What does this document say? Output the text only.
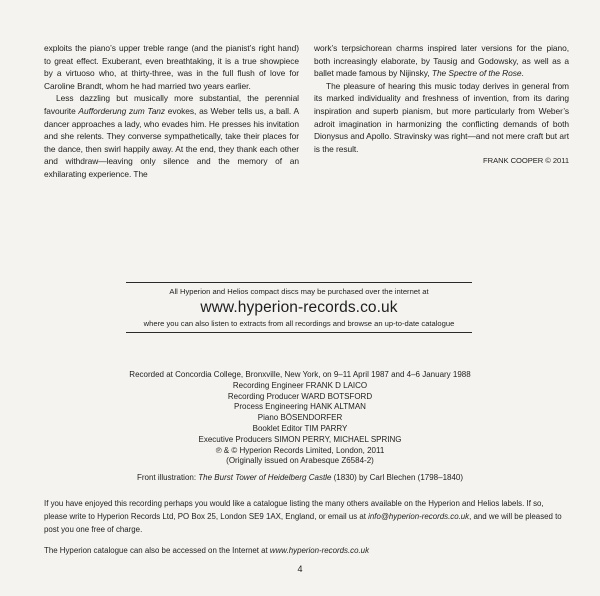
exploits the piano’s upper treble range (and the pianist’s right hand) to great effect. Exuberant, even breathtaking, it is a true showpiece by a virtuoso who, at thirty-three, was in the full flush of love for Caroline Brandt, whom he had married two years earlier.

Less dazzling but musically more substantial, the perennial favourite Aufforderung zum Tanz evokes, as Weber tells us, a ball. A dancer approaches a lady, who evades him. He presses his invitation and she relents. They converse sympathetically, take their places for the dance, then swirl happily away. At the end, they thank each other and withdraw—leaving only silence and the memory of an exhilarating experience. The

work’s terpsichorean charms inspired later versions for the piano, both increasingly elaborate, by Tausig and Godowsky, as well as a ballet made famous by Nijinsky, The Spectre of the Rose.

The pleasure of hearing this music today derives in general from its marked individuality and freshness of invention, from its daring inspiration and superb pianism, but more particularly from Weber’s adroit imagination in harmonizing the conflicting demands of both Dionysus and Apollo. Stravinsky was right—and not mere craft but art is the result.

FRANK COOPER © 2011

All Hyperion and Helios compact discs may be purchased over the internet at
www.hyperion-records.co.uk
where you can also listen to extracts from all recordings and browse an up-to-date catalogue
Recorded at Concordia College, Bronxville, New York, on 9–11 April 1987 and 4–6 January 1988
Recording Engineer FRANK D LAICO
Recording Producer WARD BOTSFORD
Process Engineering HANK ALTMAN
Piano BÖSENDORFER
Booklet Editor TIM PARRY
Executive Producers SIMON PERRY, MICHAEL SPRING
℗ & © Hyperion Records Limited, London, 2011
(Originally issued on Arabesque Z6584-2)
Front illustration: The Burst Tower of Heidelberg Castle (1830) by Carl Blechen (1798–1840)

If you have enjoyed this recording perhaps you would like a catalogue listing the many others available on the Hyperion and Helios labels. If so, please write to Hyperion Records Ltd, PO Box 25, London SE9 1AX, England, or email us at info@hyperion-records.co.uk, and we will be pleased to post you one free of charge.

The Hyperion catalogue can also be accessed on the Internet at www.hyperion-records.co.uk

4
